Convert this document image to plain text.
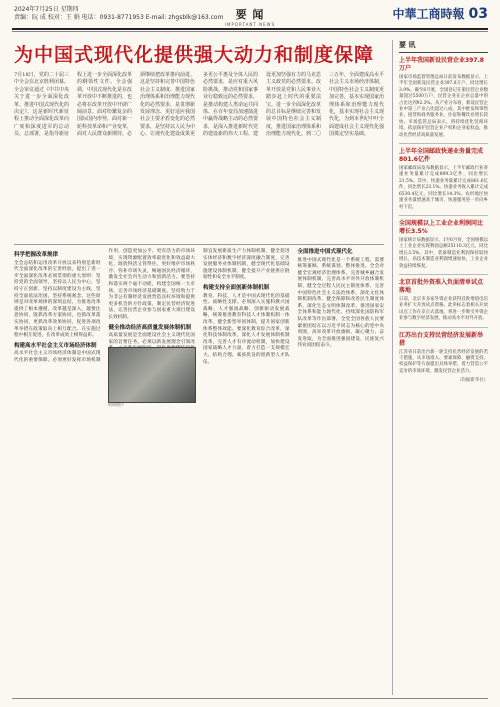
2024年7月25日 星期四
责编：阮 成 校对：王 娟 电话：0931-8771953 E-mail: zhgsblk@163.com	要 闻
IMPORTANT NEWS
中華工商時報 03
为中国式现代化提供强大动力和制度保障

7月18日，党的二十届三中全会在北京胜利闭幕。全会审议通过《中共中央关于进一步全面深化改革、推进中国式现代化的决定》。这是新时代新征程上推动全面深化改革向广度和深度进军的总动员、总部署，是指导新征程上进一步全面深化改革的纲领性文件。全会强调，中国式现代化是在改革开放中不断推进的，也必将在改革开放中开辟广阔前景。面对纷繁复杂的国际国内形势，面对新一轮科技革命和产业变革，面对人民群众新期待，必须继续把改革推向前进。这是坚持和完善中国特色社会主义制度、推进国家治理体系和治理能力现代化的必然要求，是贯彻新发展理念、更好适应我国社会主要矛盾变化的必然要求，是坚持以人民为中心、让现代化建设成果更多更公平惠及全体人民的必然要求，是应对重大风险挑战、推动党和国家事业行稳致远的必然要求，是推动构建人类命运共同体、在百年变局加速演进中赢得战略主动的必然要求，是深入推进新时代党的建设新的伟大工程、建设更加坚强有力的马克思主义政党的必然要求。改革开放是党和人民事业大踏步赶上时代的重要法宝。进一步全面深化改革的总目标是继续完善和发展中国特色社会主义制度，推进国家治理体系和治理能力现代化。到二〇三五年，全面建成高水平社会主义市场经济体制，中国特色社会主义制度更加完善，基本实现国家治理体系和治理能力现代化，基本实现社会主义现代化，为到本世纪中叶全面建成社会主义现代化强国奠定坚实基础。

科学把握改革规律

全会总结和运用改革开放以来特别是新时代全面深化改革的宝贵经验，提出了进一步全面深化改革必须贯彻的重大原则：坚持党的全面领导，坚持以人民为中心，坚持守正创新，坚持以制度建设为主线，坚持全面依法治国，坚持系统观念。这些原则是对改革规律的深刻总结，为推进改革提供了根本遵循。改革越是深入，越要注意协同，既抓改革方案协同，也抓改革落实协同，更抓改革效果协同，促进各项改革举措在政策取向上相互配合、在实施过程中相互促进、在改革成效上相得益彰。

构建高水平社会主义市场经济体制

高水平社会主义市场经济体制是中国式现代化的重要保障。必须更好发挥市场机制作用，创造更加公平、更有活力的市场环境，实现资源配置效率最优化和效益最大化，既放得活又管得住，更好维护市场秩序、弥补市场失灵，畅通国民经济循环，激发全社会内生动力和创新活力。要坚持和落实两个毫不动摇，构建全国统一大市场，完善市场经济基础制度。坚持致力于为非公有制经济发展营造良好环境和提供更多机会的方针政策，制定民营经济促进法，完善民营企业参与国家重大项目建设长效机制。

健全推动经济高质量发展体制机制

高质量发展是全面建设社会主义现代化国家的首要任务。必须以新发展理念引领改 制宜发展新质生产力体制机制，健全促进实体经济和数字经济深度融合制度，完善发展服务业体制机制，健全现代化基础设施建设体制机制，健全提升产业链供应链韧性和安全水平制度。

构建支持全面创新体制机制

教育、科技、人才是中国式现代化的基础性、战略性支撑。必须深入实施科教兴国战略、人才强国战略、创新驱动发展战略，统筹推进教育科技人才体制机制一体改革，健全新型举国体制，提升国家创新体系整体效能。要深化教育综合改革，深化科技体制改革，深化人才发展体制机制改革，完善人才有序流动机制，加快建设国家战略人才力量，着力打造一支规模宏大、结构合理、素质优良的创新型人才队伍。

全面推进中国式现代化

推进中国式现代化是一个系统工程，需要统筹兼顾、系统谋划、整体推进。全会对健全宏观经济治理体系、完善城乡融合发展体制机制、完善高水平对外开放体制机制、健全全过程人民民主制度体系、完善中国特色社会主义法治体系、深化文化体制机制改革、健全保障和改善民生制度体系、深化生态文明体制改革、推进国家安全体系和能力现代化、持续深化国防和军队改革等作出部署。全党全国各族人民要紧密团结在以习近平同志为核心的党中央周围，高举改革开放旗帜，凝心聚力、奋发进取，为全面推进强国建设、民族复兴伟业而团结奋斗。

资料图片
要 讯
上半年我国新设民营企业397.8万户
国家市场监督管理总局日前发布数据显示，上半年全国新设民营企业397.8万户，同比增长3.9%。截至6月底，全国登记在册民营企业数量超过5500万户，民营企业在企业总量中的占比达到92.3%。从产业分布看，新设民营企业中第三产业占比超过八成，其中批发和零售业、租赁和商务服务业、住宿和餐饮业增长较快。市场监管总局表示，将持续优化营商环境，依法保护民营企业产权和企业家权益，推动民营经济高质量发展。
上半年全国邮政快递业务量完成801.6亿件
国家邮政局发布数据显示，上半年邮政行业寄递业务量累计完成899.3亿件，同比增长21.5%。其中，快递业务量累计完成801.6亿件，同比增长23.1%。快递业务收入累计完成6530.4亿元，同比增长14.3%。农村地区快递业务量增速高于城市，快递服务进一步向乡村下沉。
全国规模以上工业企业利润同比增长3.5%
国家统计局数据显示，1至6月份，全国规模以上工业企业实现利润总额35110.3亿元，同比增长3.5%。其中，装备制造业利润保持较快增长，高技术制造业利润增速加快，工业企业效益持续恢复。
北京首批外资准入负面清单试点落地
日前，北京市多家外资企业获得首批增值电信业务扩大开放试点资格。此举标志着相关开放试点工作在京正式落地，将进一步吸引外资企业参与数字经济发展，推动高水平对外开放。
江苏出台支持民营经济发展新举措
江苏省日前出台新一轮支持民营经济发展的若干措施，从市场准入、要素保障、融资支持、权益保护等方面提出具体举措，着力营造公平竞争的市场环境，激发民营企业活力。
（均据新华社）
